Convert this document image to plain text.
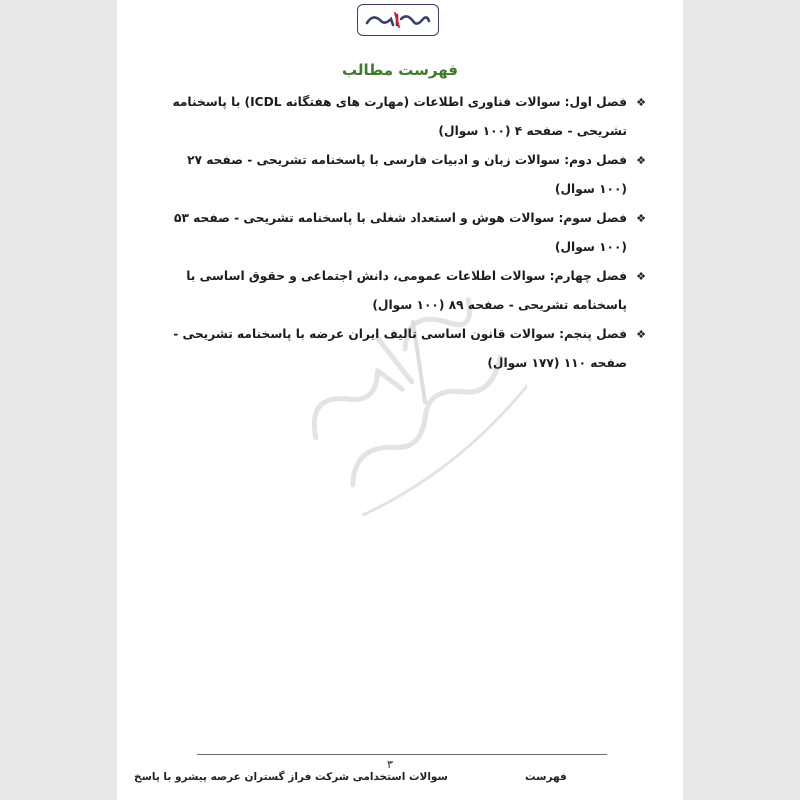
فهرست مطالب
❖
فصل اول: سوالات فناوری اطلاعات (مهارت های هفتگانه ICDL) با پاسخنامه تشریحی - صفحه ۴ (۱۰۰ سوال)
❖
فصل دوم: سوالات زبان و ادبیات فارسی با پاسخنامه تشریحی - صفحه ۲۷ (۱۰۰ سوال)
❖
فصل سوم: سوالات هوش و استعداد شغلی با پاسخنامه تشریحی - صفحه ۵۳ (۱۰۰ سوال)
❖
فصل چهارم: سوالات اطلاعات عمومی، دانش اجتماعی و حقوق اساسی با پاسخنامه تشریحی - صفحه ۸۹ (۱۰۰ سوال)
❖
فصل پنجم: سوالات قانون اساسی تالیف ایران عرضه با پاسخنامه تشریحی - صفحه ۱۱۰ (۱۷۷ سوال)
۳
سوالات استخدامی شرکت فراز گستران عرصه پیشرو با پاسخ	فهرست
